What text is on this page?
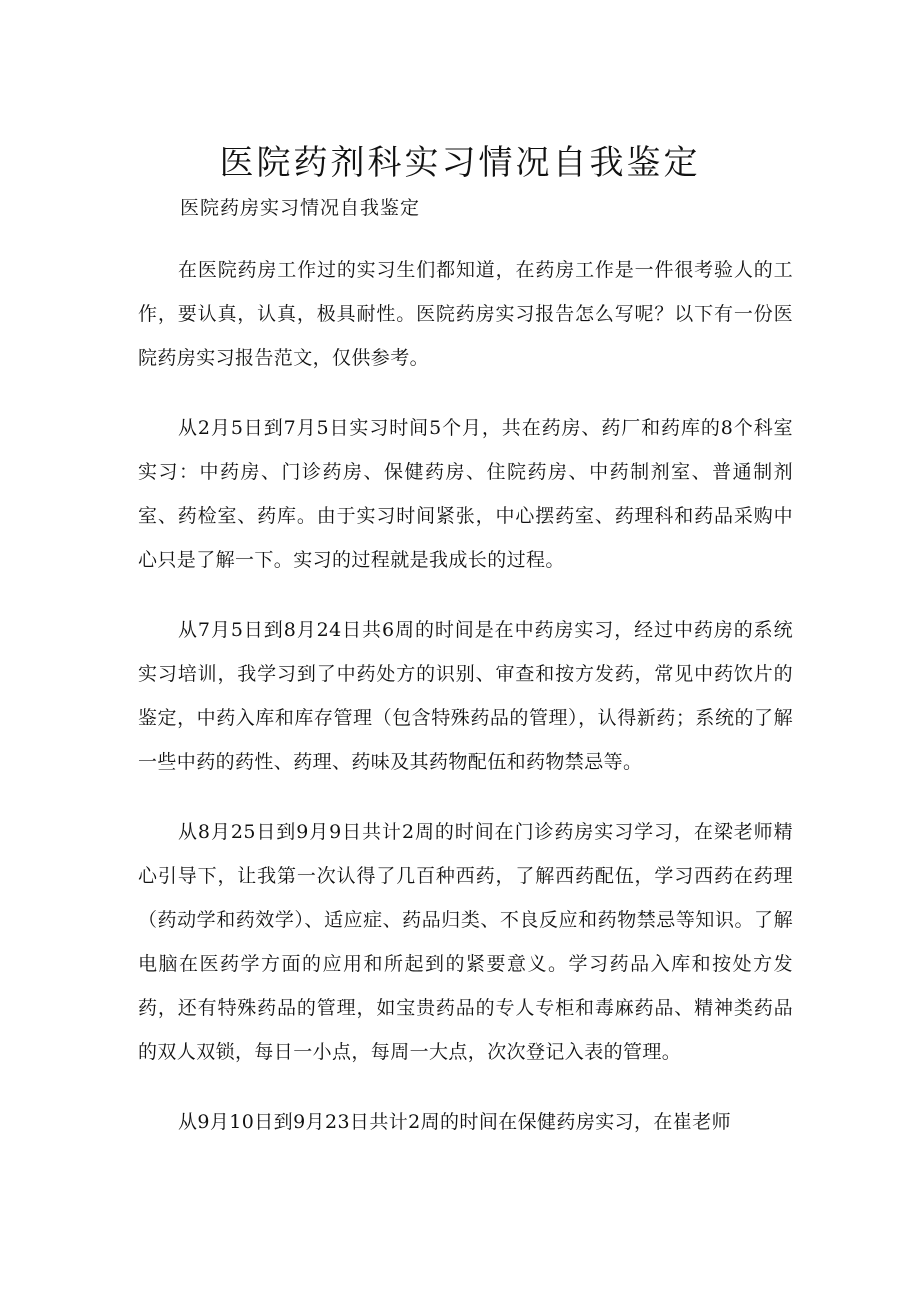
医院药剂科实习情况自我鉴定
医院药房实习情况自我鉴定

在医院药房工作过的实习生们都知道，在药房工作是一件很考验人的工作，要认真，认真，极具耐性。医院药房实习报告怎么写呢？以下有一份医院药房实习报告范文，仅供参考。

从2月5日到7月5日实习时间5个月，共在药房、药厂和药库的8个科室实习：中药房、门诊药房、保健药房、住院药房、中药制剂室、普通制剂室、药检室、药库。由于实习时间紧张，中心摆药室、药理科和药品采购中心只是了解一下。实习的过程就是我成长的过程。

从7月5日到8月24日共6周的时间是在中药房实习，经过中药房的系统实习培训，我学习到了中药处方的识别、审查和按方发药，常见中药饮片的鉴定，中药入库和库存管理（包含特殊药品的管理），认得新药；系统的了解一些中药的药性、药理、药味及其药物配伍和药物禁忌等。

从8月25日到9月9日共计2周的时间在门诊药房实习学习，在梁老师精心引导下，让我第一次认得了几百种西药，了解西药配伍，学习西药在药理（药动学和药效学）、适应症、药品归类、不良反应和药物禁忌等知识。了解电脑在医药学方面的应用和所起到的紧要意义。学习药品入库和按处方发药，还有特殊药品的管理，如宝贵药品的专人专柜和毒麻药品、精神类药品的双人双锁，每日一小点，每周一大点，次次登记入表的管理。

从9月10日到9月23日共计2周的时间在保健药房实习，在崔老师
